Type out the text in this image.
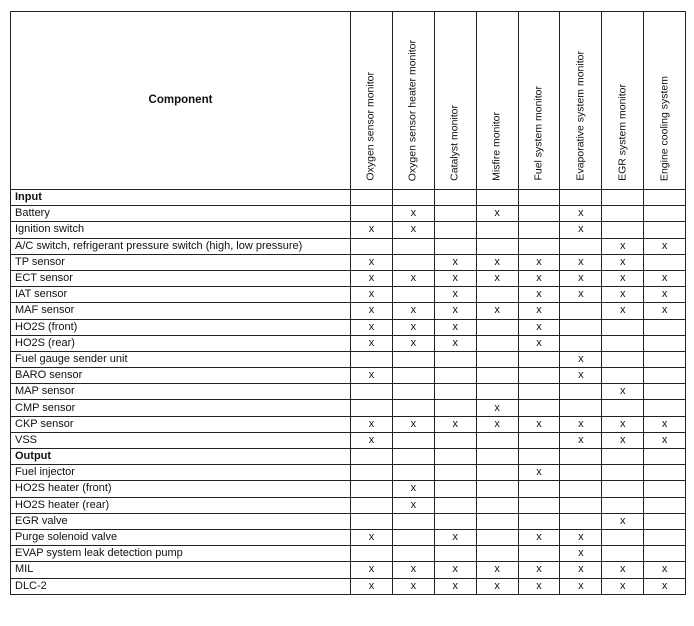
Component	Oxygen sensor monitor	Oxygen sensor heater monitor	Catalyst monitor	Misfire monitor	Fuel system monitor	Evaporative system monitor	EGR system monitor	Engine cooling system

Input								
Battery		x		x		x		
Ignition switch	x	x				x		
A/C switch, refrigerant pressure switch (high, low pressure)							x	x
TP sensor	x		x	x	x	x	x	
ECT sensor	x	x	x	x	x	x	x	x
IAT sensor	x		x		x	x	x	x
MAF sensor	x	x	x	x	x		x	x
HO2S (front)	x	x	x		x			
HO2S (rear)	x	x	x		x			
Fuel gauge sender unit						x		
BARO sensor	x					x		
MAP sensor							x	
CMP sensor				x				
CKP sensor	x	x	x	x	x	x	x	x
VSS	x					x	x	x
Output								
Fuel injector					x			
HO2S heater (front)		x						
HO2S heater (rear)		x						
EGR valve							x	
Purge solenoid valve	x		x		x	x		
EVAP system leak detection pump						x		
MIL	x	x	x	x	x	x	x	x
DLC-2	x	x	x	x	x	x	x	x
